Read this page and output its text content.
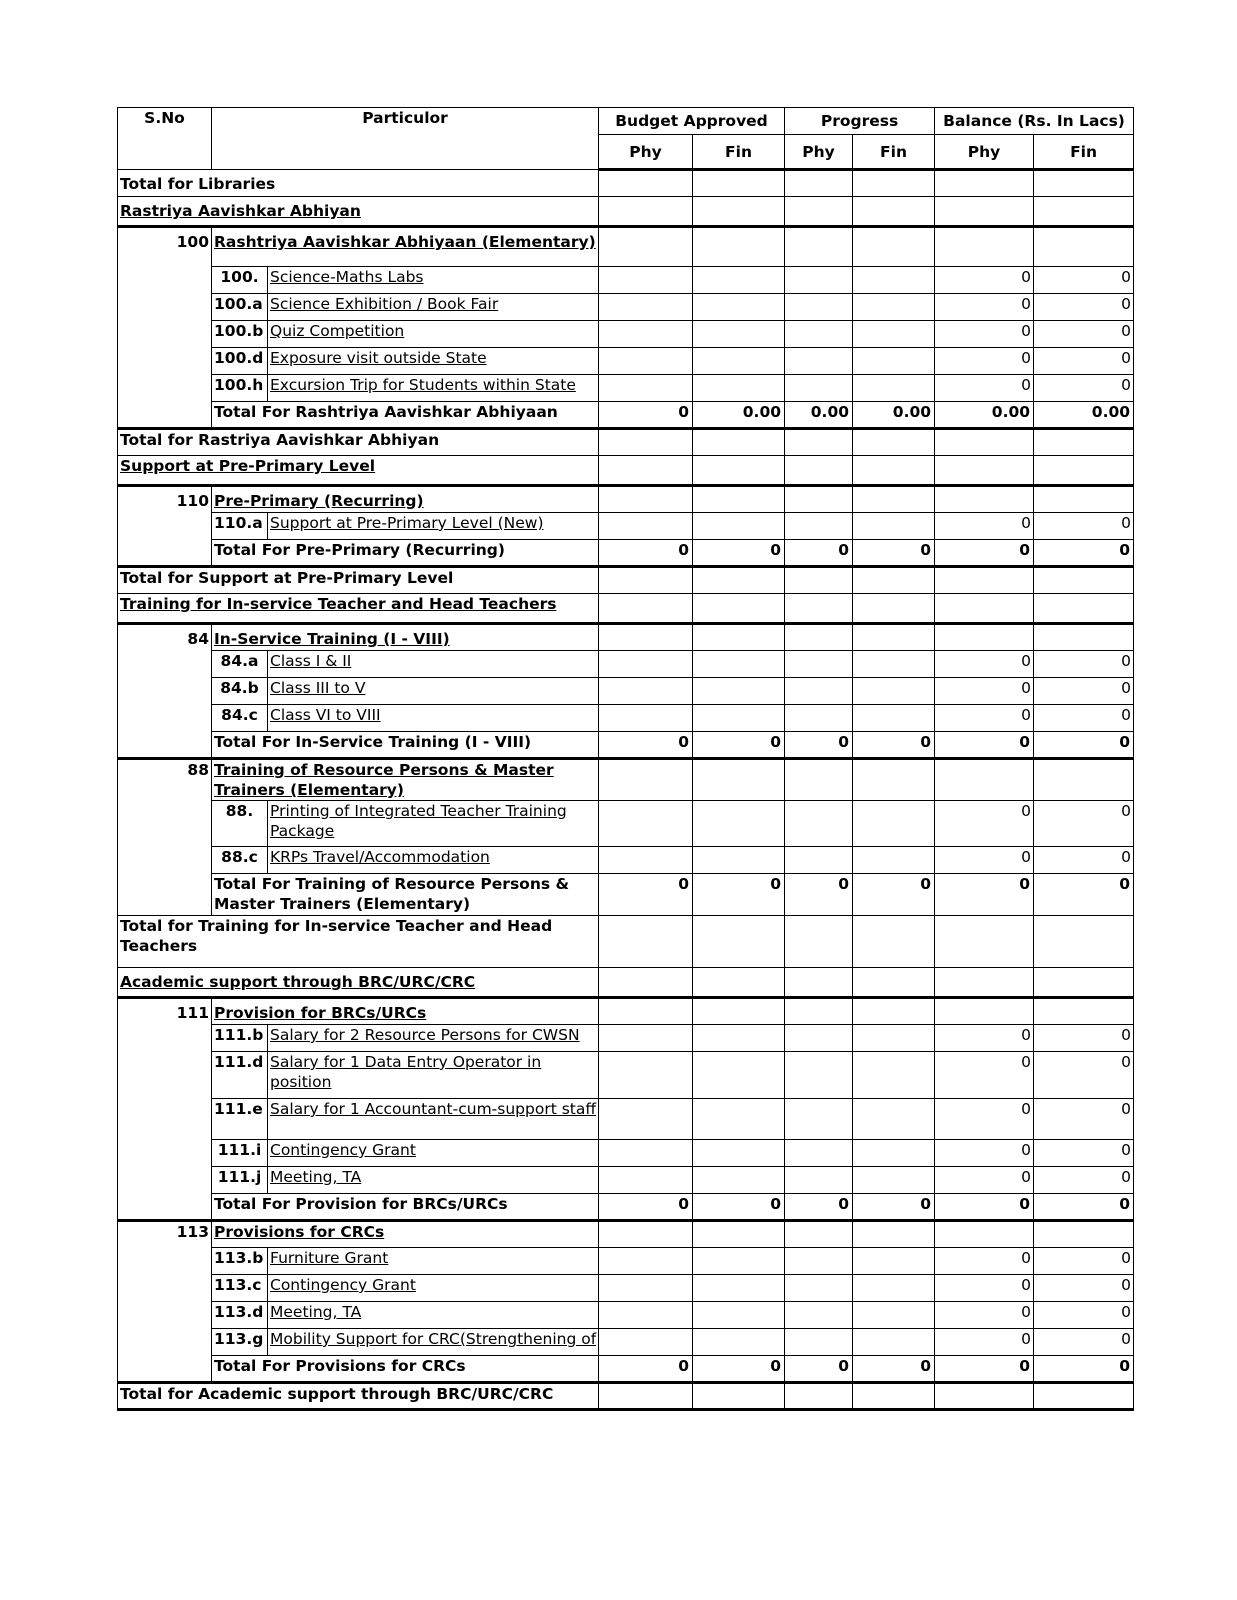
S.No	Particulor		Budget Approved		Progress		Balance (Rs. In Lacs)	
			Phy	Fin	Phy	Fin	Phy	Fin
Total for Libraries								
Rastriya Aavishkar Abhiyan								
100	Rashtriya Aavishkar Abhiyaan (Elementary)							
	100.	Science-Maths Labs					0	0
	100.a	Science Exhibition / Book Fair					0	0
	100.b	Quiz Competition					0	0
	100.d	Exposure visit outside State					0	0
	100.h	Excursion Trip for Students within State					0	0
	Total For Rashtriya Aavishkar Abhiyaan		0	0.00	0.00	0.00	0.00	0.00
Total for Rastriya Aavishkar Abhiyan								
Support at Pre-Primary Level								
110	Pre-Primary (Recurring)							
	110.a	Support at Pre-Primary Level (New)					0	0
	Total For Pre-Primary (Recurring)		0	0	0	0	0	0
Total for Support at Pre-Primary Level								
Training for In-service Teacher and Head Teachers								
84	In-Service Training (I - VIII)							
	84.a	Class I & II					0	0
	84.b	Class III to V					0	0
	84.c	Class VI to VIII					0	0
	Total For In-Service Training (I - VIII)		0	0	0	0	0	0
88	Training of Resource Persons & Master Trainers (Elementary)							
	88.	Printing of Integrated Teacher Training Package					0	0
	88.c	KRPs Travel/Accommodation					0	0
	Total For Training of Resource Persons & Master Trainers (Elementary)		0	0	0	0	0	0
Total for Training for In-service Teacher and Head Teachers								
Academic support through BRC/URC/CRC								
111	Provision for BRCs/URCs							
	111.b	Salary for 2 Resource Persons for CWSN					0	0
	111.d	Salary for 1 Data Entry Operator in position					0	0
	111.e	Salary for 1 Accountant-cum-support staff					0	0
	111.i	Contingency Grant					0	0
	111.j	Meeting, TA					0	0
	Total For Provision for BRCs/URCs		0	0	0	0	0	0
113	Provisions for CRCs							
	113.b	Furniture Grant					0	0
	113.c	Contingency Grant					0	0
	113.d	Meeting, TA					0	0
	113.g	Mobility Support for CRC(Strengthening of					0	0
	Total For Provisions for CRCs		0	0	0	0	0	0
Total for Academic support through BRC/URC/CRC								
